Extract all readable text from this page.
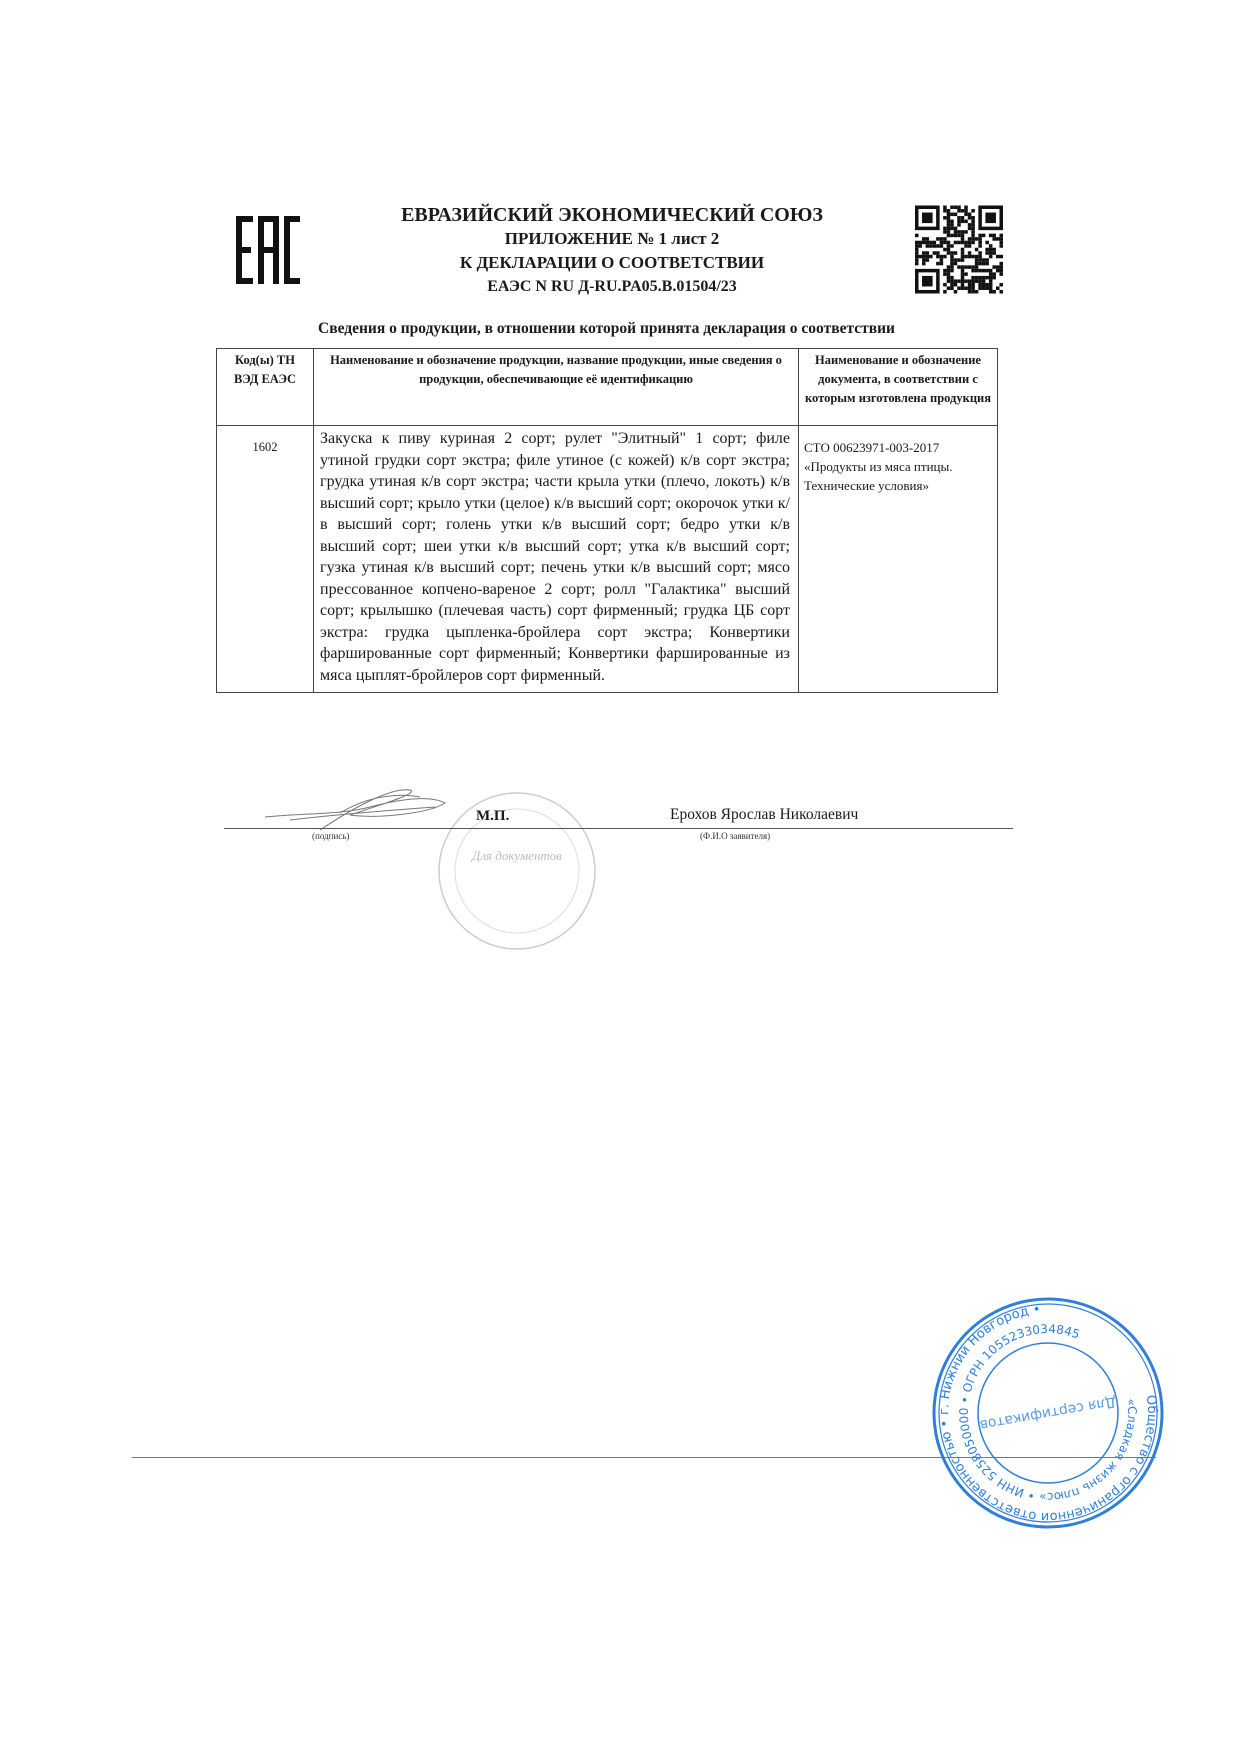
ЕВРАЗИЙСКИЙ ЭКОНОМИЧЕСКИЙ СОЮЗ
ПРИЛОЖЕНИЕ № 1 лист 2
К ДЕКЛАРАЦИИ О СООТВЕТСТВИИ
ЕАЭС N RU Д-RU.PA05.B.01504/23
Сведения о продукции, в отношении которой принята декларация о соответствии
Код(ы) ТН ВЭД ЕАЭС	Наименование и обозначение продукции, название продукции, иные сведения о продукции, обеспечивающие её идентификацию	Наименование и обозначение документа, в соответствии с которым изготовлена продукция
1602	Закуска к пиву куриная 2 сорт; рулет "Элитный" 1 сорт; филе утиной грудки сорт экстра; филе утиное (с кожей) к/в сорт экстра; грудка утиная к/в сорт экстра; части крыла утки (плечо, локоть) к/в высший сорт; крыло утки (целое) к/в высший сорт; окорочок утки к/в высший сорт; голень утки к/в высший сорт; бедро утки к/в высший сорт; шеи утки к/в высший сорт; утка к/в высший сорт; гузка утиная к/в высший сорт; печень утки к/в высший сорт; мясо прессованное копчено-вареное 2 сорт; ролл "Галактика" высший сорт; крылышко (плечевая часть) сорт фирменный; грудка ЦБ сорт экстра: грудка цыпленка-бройлера сорт экстра; Конвертики фаршированные сорт фирменный; Конвертики фаршированные из мяса цыплят-бройлеров сорт фирменный.	СТО 00623971-003-2017
«Продукты из мяса птицы. Технические условия»
Для документов
М.П.	Ерохов Ярослав Николаевич
(подпись)	(Ф.И.О заявителя)
Общество с ограниченной ответственностью • г. Нижний Новгород •
«Сладкая жизнь плюс» • ИНН 5258050000 • ОГРН 1055233034845
Для сертификатов
